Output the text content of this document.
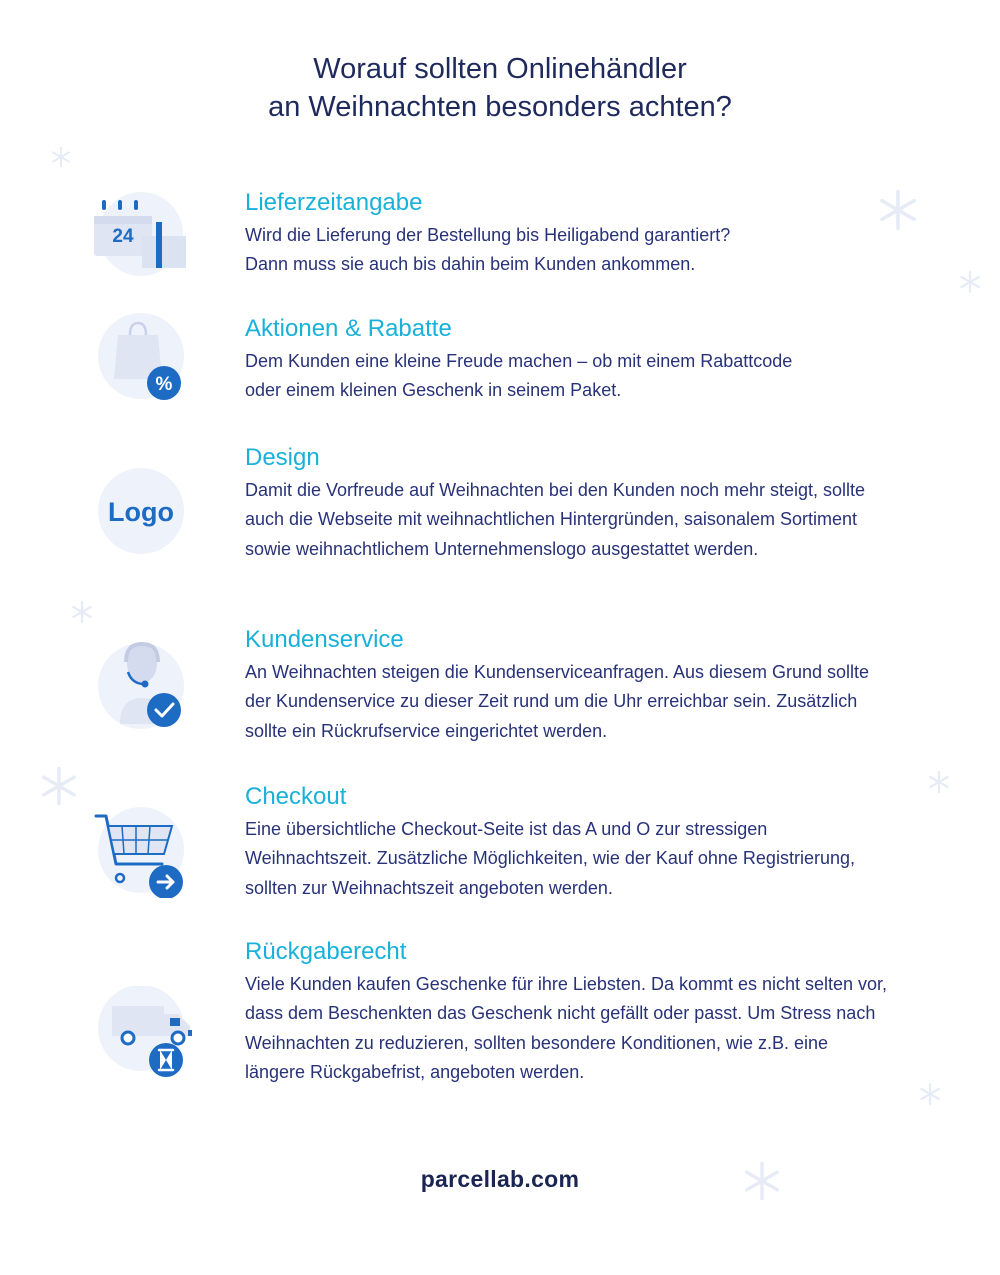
Worauf sollten Onlinehändler
an Weihnachten besonders achten?
24
%
Logo
Lieferzeitangabe

Wird die Lieferung der Bestellung bis Heiligabend garantiert?
Dann muss sie auch bis dahin beim Kunden ankommen.

Aktionen & Rabatte

Dem Kunden eine kleine Freude machen – ob mit einem Rabattcode
oder einem kleinen Geschenk in seinem Paket.

Design

Damit die Vorfreude auf Weihnachten bei den Kunden noch mehr steigt, sollte
auch die Webseite mit weihnachtlichen Hintergründen, saisonalem Sortiment
sowie weihnachtlichem Unternehmenslogo ausgestattet werden.

Kundenservice

An Weihnachten steigen die Kundenserviceanfragen. Aus diesem Grund sollte
der Kundenservice zu dieser Zeit rund um die Uhr erreichbar sein. Zusätzlich
sollte ein Rückrufservice eingerichtet werden.

Checkout

Eine übersichtliche Checkout-Seite ist das A und O zur stressigen
Weihnachtszeit. Zusätzliche Möglichkeiten, wie der Kauf ohne Registrierung,
sollten zur Weihnachtszeit angeboten werden.

Rückgaberecht

Viele Kunden kaufen Geschenke für ihre Liebsten. Da kommt es nicht selten vor,
dass dem Beschenkten das Geschenk nicht gefällt oder passt. Um Stress nach
Weihnachten zu reduzieren, sollten besondere Konditionen, wie z.B. eine
längere Rückgabefrist, angeboten werden.

parcellab.com
